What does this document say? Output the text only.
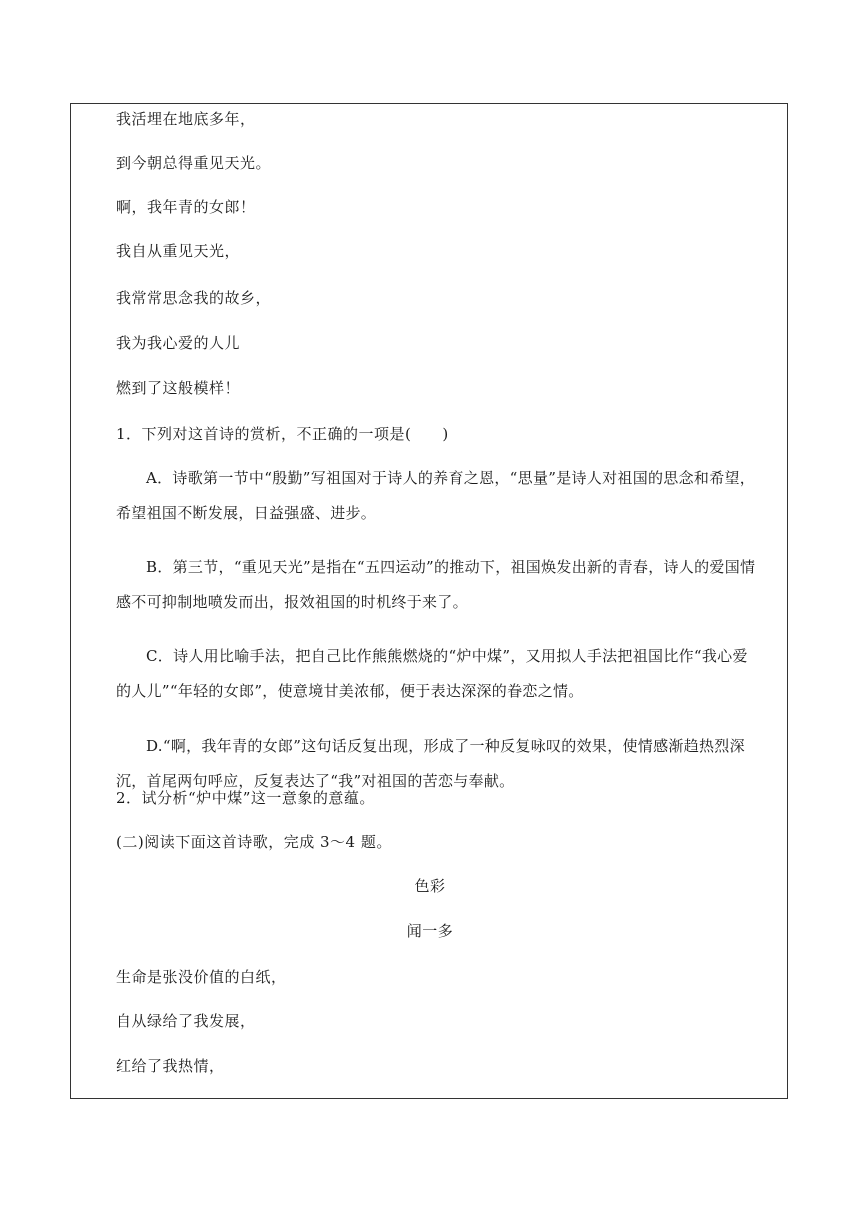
我活埋在地底多年，
到今朝总得重见天光。
啊，我年青的女郎！
我自从重见天光，
我常常思念我的故乡，
我为我心爱的人儿
燃到了这般模样！
1．下列对这首诗的赏析，不正确的一项是(　　)
A．诗歌第一节中“殷勤”写祖国对于诗人的养育之恩，“思量”是诗人对祖国的思念和希望，希望祖国不断发展，日益强盛、进步。
B．第三节，“重见天光”是指在“五四运动”的推动下，祖国焕发出新的青春，诗人的爱国情感不可抑制地喷发而出，报效祖国的时机终于来了。
C．诗人用比喻手法，把自己比作熊熊燃烧的“炉中煤”，又用拟人手法把祖国比作“我心爱的人儿”“年轻的女郎”，使意境甘美浓郁，便于表达深深的眷恋之情。
D.“啊，我年青的女郎”这句话反复出现，形成了一种反复咏叹的效果，使情感渐趋热烈深沉，首尾两句呼应，反复表达了“我”对祖国的苦恋与奉献。
2．试分析“炉中煤”这一意象的意蕴。
(二)阅读下面这首诗歌，完成 3～4 题。
色彩
闻一多
生命是张没价值的白纸，
自从绿给了我发展，
红给了我热情，
